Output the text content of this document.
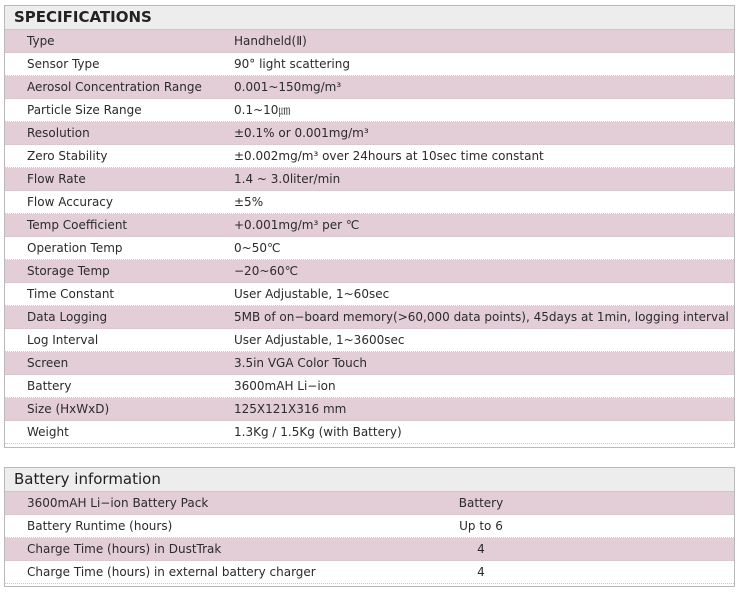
SPECIFICATIONS
Type	Handheld(Ⅱ)
Sensor Type	90° light scattering
Aerosol Concentration Range	0.001~150mg/m³
Particle Size Range	0.1~10㎛
Resolution	±0.1% or 0.001mg/m³
Zero Stability	±0.002mg/m³ over 24hours at 10sec time constant
Flow Rate	1.4 ~ 3.0liter/min
Flow Accuracy	±5%
Temp Coefficient	+0.001mg/m³ per ℃
Operation Temp	0~50℃
Storage Temp	−20~60℃
Time Constant	User Adjustable, 1~60sec
Data Logging	5MB of on−board memory(>60,000 data points), 45days at 1min, logging interval
Log Interval	User Adjustable, 1~3600sec
Screen	3.5in VGA Color Touch
Battery	3600mAH Li−ion
Size (HxWxD)	125X121X316 mm
Weight	1.3Kg / 1.5Kg (with Battery)
Battery information
3600mAH Li−ion Battery Pack	Battery
Battery Runtime (hours)	Up to 6
Charge Time (hours) in DustTrak	4
Charge Time (hours) in external battery charger	4
